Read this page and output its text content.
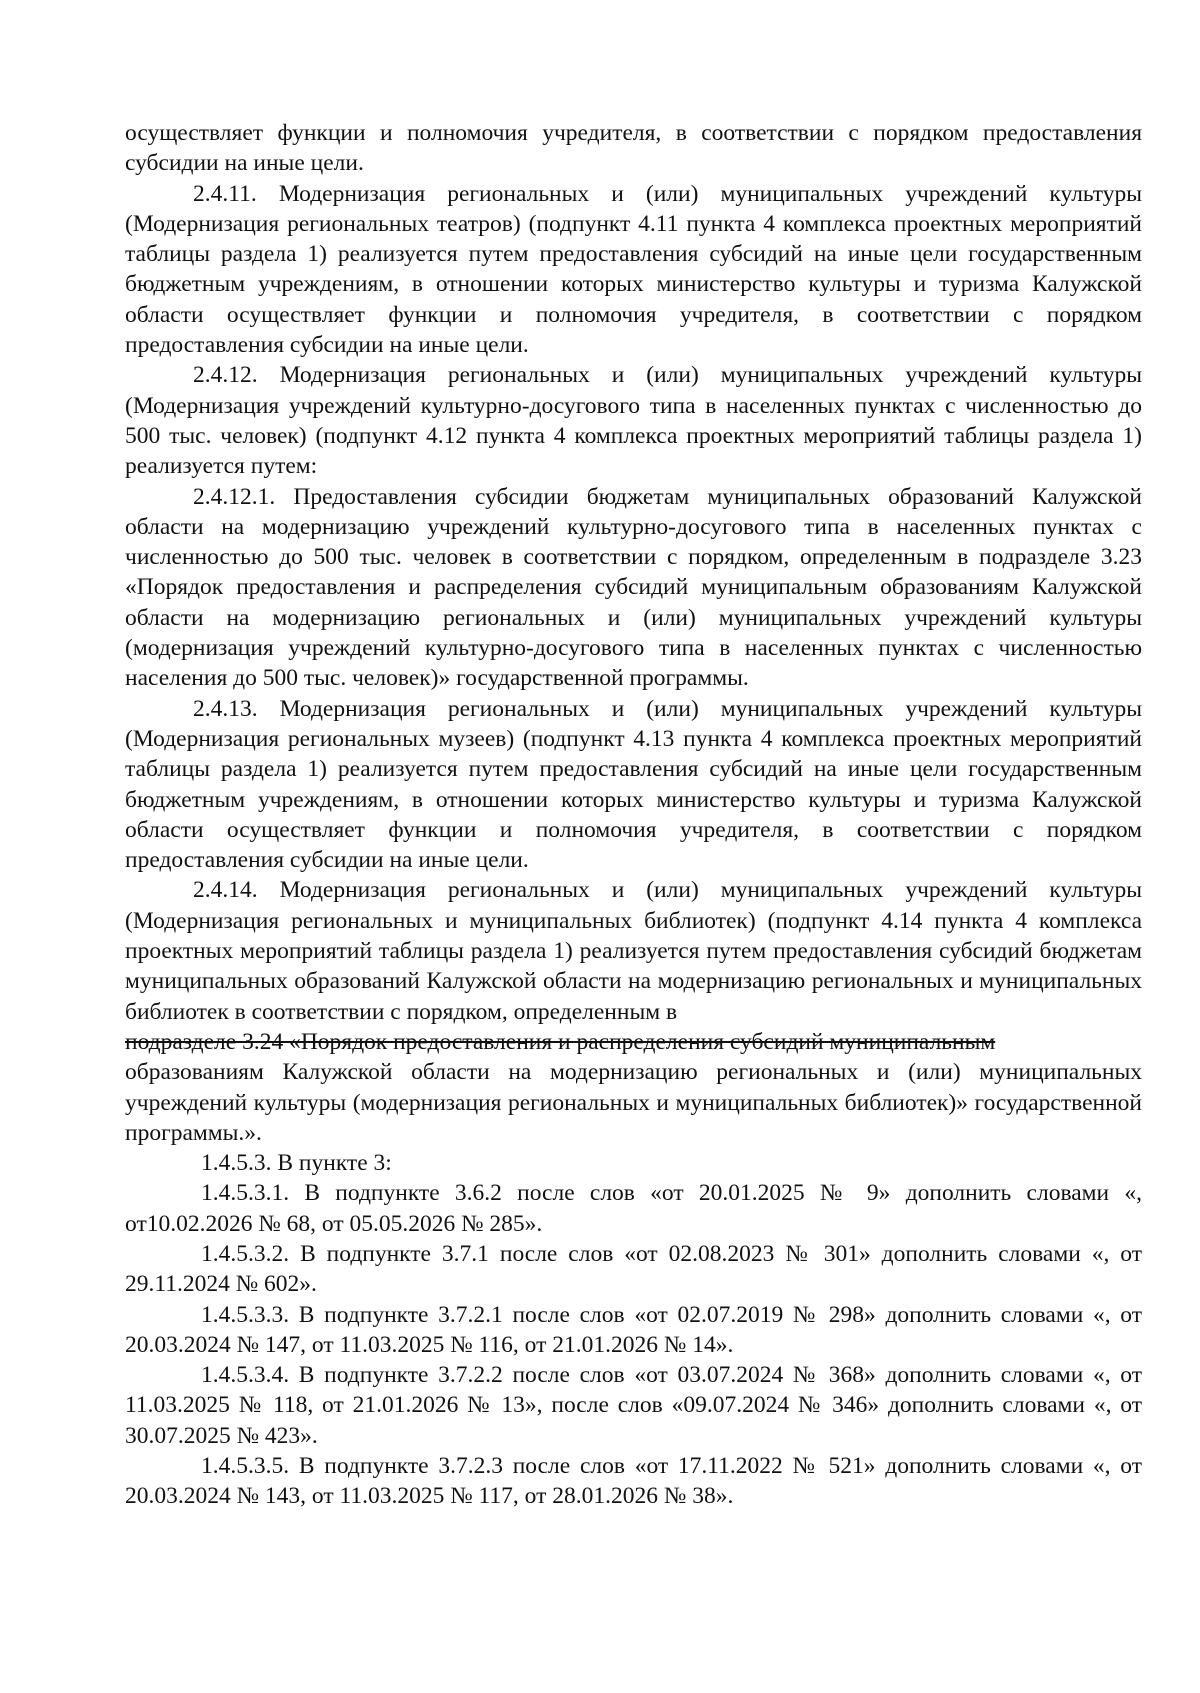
осуществляет функции и полномочия учредителя, в соответствии с порядком предоставления субсидии на иные цели.

2.4.11. Модернизация региональных и (или) муниципальных учреждений культуры (Модернизация региональных театров) (подпункт 4.11 пункта 4 комплекса проектных мероприятий таблицы раздела 1) реализуется путем предоставления субсидий на иные цели государственным бюджетным учреждениям, в отношении которых министерство культуры и туризма Калужской области осуществляет функции и полномочия учредителя, в соответствии с порядком предоставления субсидии на иные цели.

2.4.12. Модернизация региональных и (или) муниципальных учреждений культуры (Модернизация учреждений культурно-досугового типа в населенных пунктах с численностью до 500 тыс. человек) (подпункт 4.12 пункта 4 комплекса проектных мероприятий таблицы раздела 1) реализуется путем:

2.4.12.1. Предоставления субсидии бюджетам муниципальных образований Калужской области на модернизацию учреждений культурно-досугового типа в населенных пунктах с численностью до 500 тыс. человек в соответствии с порядком, определенным в подразделе 3.23 «Порядок предоставления и распределения субсидий муниципальным образованиям Калужской области на модернизацию региональных и (или) муниципальных учреждений культуры (модернизация учреждений культурно-досугового типа в населенных пунктах с численностью населения до 500 тыс. человек)» государственной программы.

2.4.13. Модернизация региональных и (или) муниципальных учреждений культуры (Модернизация региональных музеев) (подпункт 4.13 пункта 4 комплекса проектных мероприятий таблицы раздела 1) реализуется путем предоставления субсидий на иные цели государственным бюджетным учреждениям, в отношении которых министерство культуры и туризма Калужской области осуществляет функции и полномочия учредителя, в соответствии с порядком предоставления субсидии на иные цели.

2.4.14. Модернизация региональных и (или) муниципальных учреждений культуры (Модернизация региональных и муниципальных библиотек) (подпункт 4.14 пункта 4 комплекса проектных мероприятий таблицы раздела 1) реализуется путем предоставления субсидий бюджетам муниципальных образований Калужской области на модернизацию региональных и муниципальных библиотек в соответствии с порядком, определенным в

подразделе 3.24 «Порядок предоставления и распределения субсидий муниципальным

образованиям Калужской области на модернизацию региональных и (или) муниципальных учреждений культуры (модернизация региональных и муниципальных библиотек)» государственной программы.».

1.4.5.3. В пункте 3:

1.4.5.3.1. В подпункте 3.6.2 после слов «от 20.01.2025 № 9» дополнить словами «, от10.02.2026 № 68, от 05.05.2026 № 285».

1.4.5.3.2. В подпункте 3.7.1 после слов «от 02.08.2023 № 301» дополнить словами «, от 29.11.2024 № 602».

1.4.5.3.3. В подпункте 3.7.2.1 после слов «от 02.07.2019 № 298» дополнить словами «, от 20.03.2024 № 147, от 11.03.2025 № 116, от 21.01.2026 № 14».

1.4.5.3.4. В подпункте 3.7.2.2 после слов «от 03.07.2024 № 368» дополнить словами «, от 11.03.2025 № 118, от 21.01.2026 № 13», после слов «09.07.2024 № 346» дополнить словами «, от 30.07.2025 № 423».

1.4.5.3.5. В подпункте 3.7.2.3 после слов «от 17.11.2022 № 521» дополнить словами «, от 20.03.2024 № 143, от 11.03.2025 № 117, от 28.01.2026 № 38».
